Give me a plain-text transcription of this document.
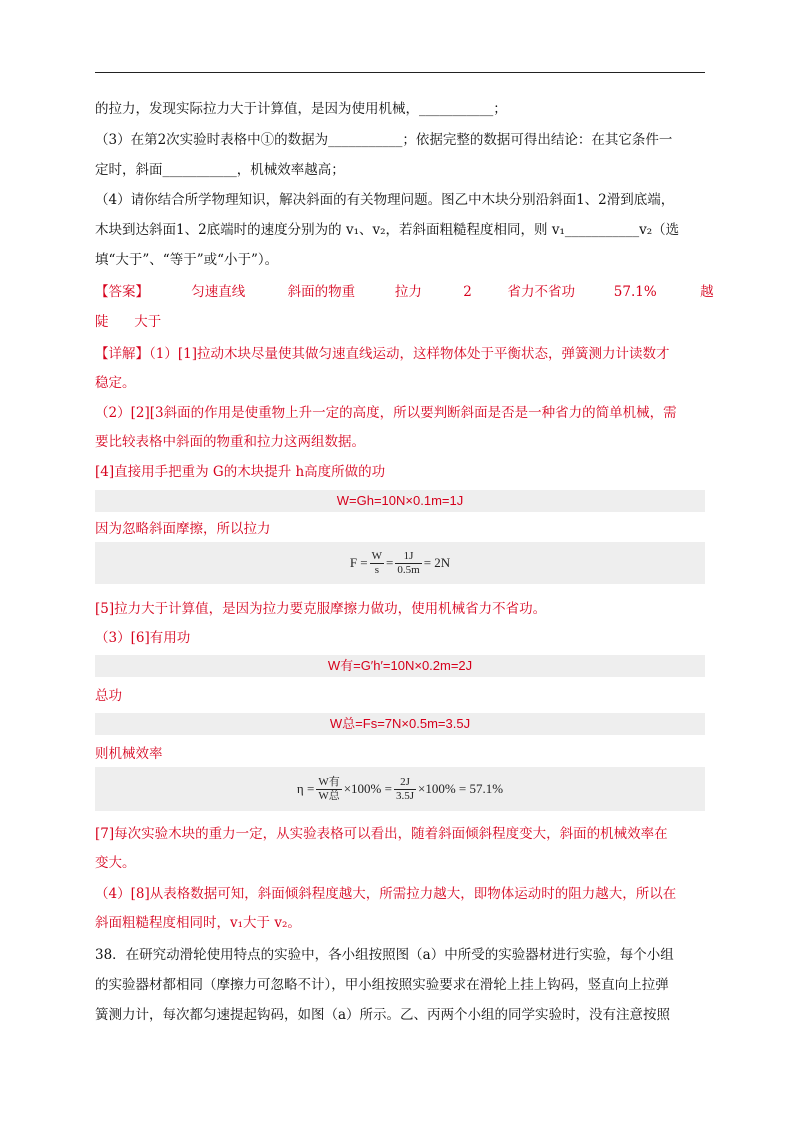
的拉力，发现实际拉力大于计算值，是因为使用机械，___________；
（3）在第2次实验时表格中①的数据为___________；依据完整的数据可得出结论：在其它条件一
定时，斜面___________，机械效率越高；
（4）请你结合所学物理知识，解决斜面的有关物理问题。图乙中木块分别沿斜面1、2滑到底端，
木块到达斜面1、2底端时的速度分别为的 v₁、v₂，若斜面粗糙程度相同，则 v₁___________v₂（选
填“大于”、“等于”或“小于”）。
【答案】	匀速直线	斜面的物重	拉力	2	省力不省功	57.1%	越
陡      大于
【详解】（1）[1]拉动木块尽量使其做匀速直线运动，这样物体处于平衡状态，弹簧测力计读数才
稳定。
（2）[2][3斜面的作用是使重物上升一定的高度，所以要判断斜面是否是一种省力的简单机械，需
要比较表格中斜面的物重和拉力这两组数据。
[4]直接用手把重为 G的木块提升 h高度所做的功
W=Gh=10N×0.1m=1J
因为忽略斜面摩擦，所以拉力
$F = \frac{W}{s} = \frac{1J}{0.5m} = 2N$
[5]拉力大于计算值，是因为拉力要克服摩擦力做功，使用机械省力不省功。
（3）[6]有用功
W有=G′h′=10N×0.2m=2J
总功
W总=Fs=7N×0.5m=3.5J
则机械效率
$\eta = \frac{\text{W有}}{\text{W总}} \times 100\% = \frac{2J}{3.5J} \times 100\% = 57.1\%$
[7]每次实验木块的重力一定，从实验表格可以看出，随着斜面倾斜程度变大，斜面的机械效率在
变大。
（4）[8]从表格数据可知，斜面倾斜程度越大，所需拉力越大，即物体运动时的阻力越大，所以在
斜面粗糙程度相同时，v₁大于 v₂。
38．在研究动滑轮使用特点的实验中，各小组按照图（a）中所受的实验器材进行实验，每个小组
的实验器材都相同（摩擦力可忽略不计），甲小组按照实验要求在滑轮上挂上钩码，竖直向上拉弹
簧测力计，每次都匀速提起钩码，如图（a）所示。乙、丙两个小组的同学实验时，没有注意按照
